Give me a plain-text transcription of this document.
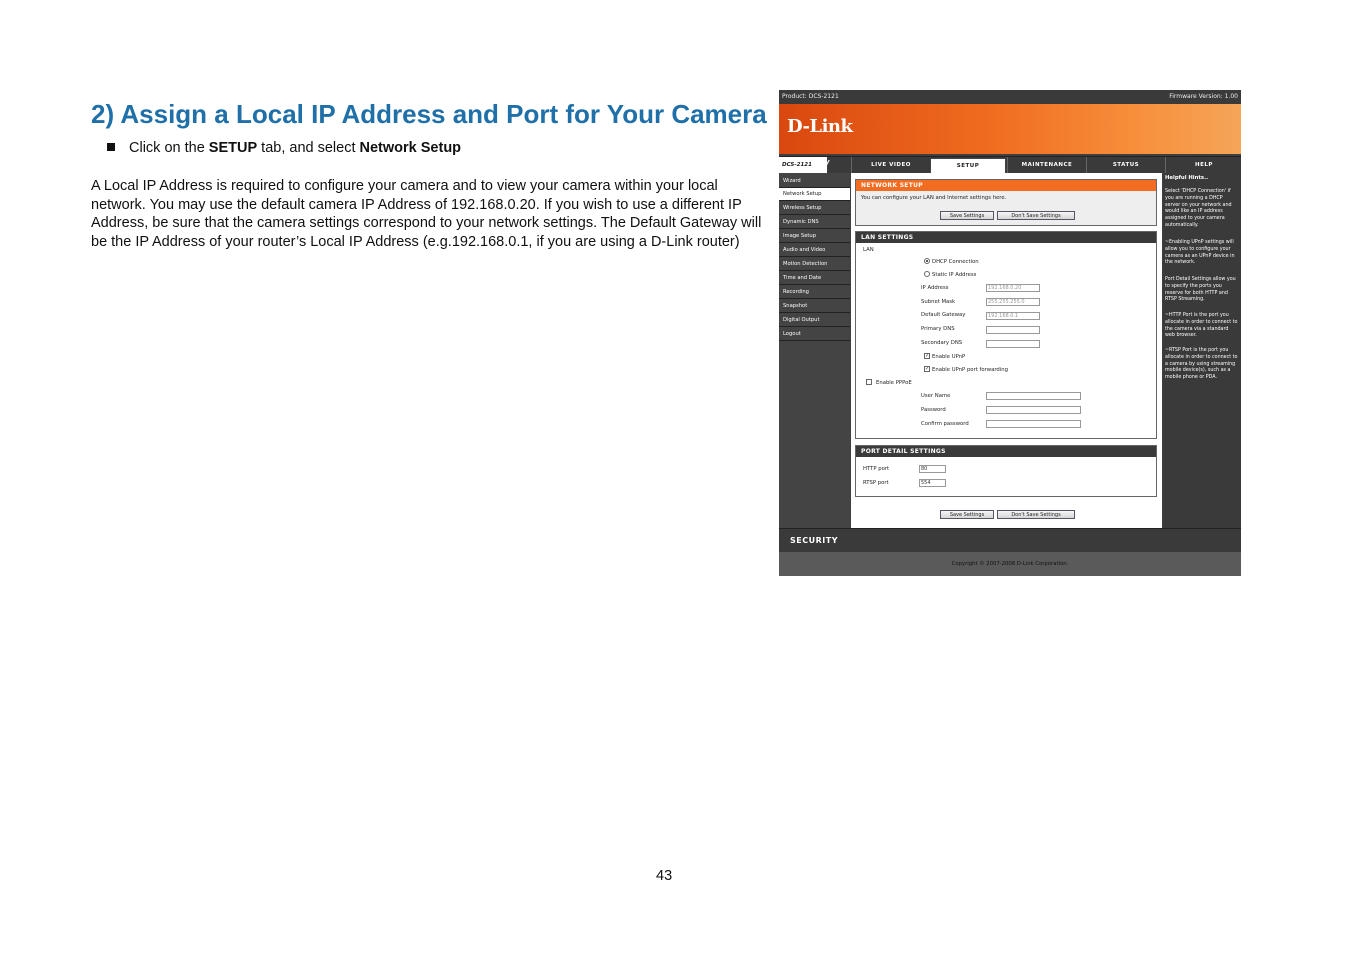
2) Assign a Local IP Address and Port for Your Camera
Click on the SETUP tab, and select Network Setup

A Local IP Address is required to configure your camera and to view your camera within your local network. You may use the default camera IP Address of 192.168.0.20. If you wish to use a different IP Address, be sure that the camera settings correspond to your network settings. The Default Gateway will be the IP Address of your router’s Local IP Address (e.g.192.168.0.1, if you are using a D-Link router)

43
Product: DCS-2121	Firmware Version: 1.00
D-Link
DCS-2121 //	LIVE VIDEO	SETUP	MAINTENANCE	STATUS	HELP
Wizard
Network Setup
Wireless Setup
Dynamic DNS
Image Setup
Audio and Video
Motion Detection
Time and Date
Recording
Snapshot
Digital Output
Logout
NETWORK SETUP
You can configure your LAN and Internet settings here.
Save Settings	Don't Save Settings
LAN SETTINGS
LAN
DHCP Connection
Static IP Address
IP Address	192.168.0.20
Subnet Mask	255.255.255.0
Default Gateway	192.168.0.1
Primary DNS
Secondary DNS
✓ Enable UPnP
✓ Enable UPnP port forwarding
Enable PPPoE
User Name
Password
Confirm password
PORT DETAIL SETTINGS
HTTP port	80
RTSP port	554
Save Settings	Don't Save Settings
Helpful Hints..
Select 'DHCP Connection' if you are running a DHCP server on your network and would like an IP address assigned to your camera automatically.
~Enabling UPnP settings will allow you to configure your camera as an UPnP device in the network.
Port Detail Settings allow you to specify the ports you reserve for both HTTP and RTSP Streaming.
~HTTP Port is the port you allocate in order to connect to the camera via a standard web browser.
~RTSP Port is the port you allocate in order to connect to a camera by using streaming mobile device(s), such as a mobile phone or PDA.
SECURITY
Copyright © 2007-2008 D-Link Corporation.
